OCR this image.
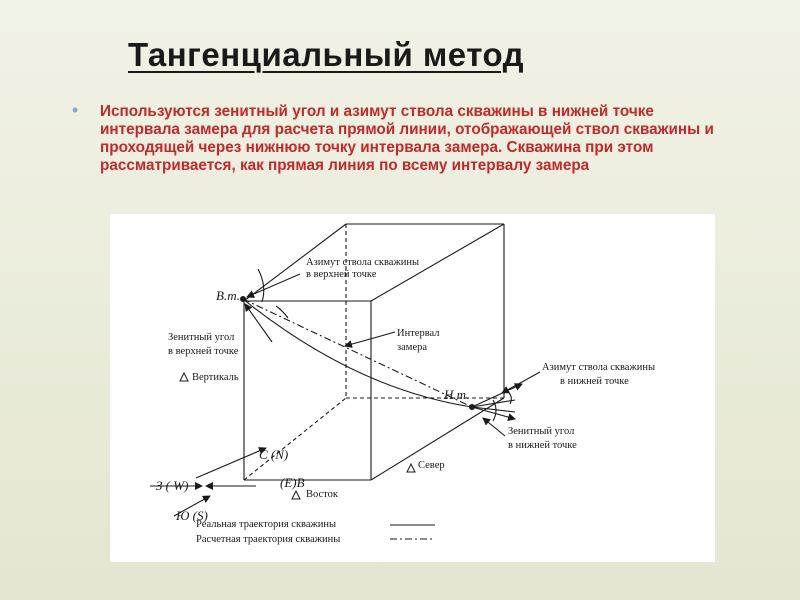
Тангенциальный метод
• Используются зенитный угол и азимут ствола скважины в нижней точке интервала замера для расчета прямой линии, отображающей ствол скважины и проходящей через нижнюю точку интервала замера. Скважина при этом рассматривается, как прямая линия по всему интервалу замера
Азимут ствола скважины
в верхней точке
В.т.
Зенитный угол
в верхней точке
Интервал
замера
Вертикаль
Н.т.
Азимут ствола скважины
в нижней точке
Зенитный угол
в нижней точке
Север
С (N)
З ( W)	(Е)В
Восток
Ю (S)
Реальная траектория скважины
Расчетная траектория скважины
